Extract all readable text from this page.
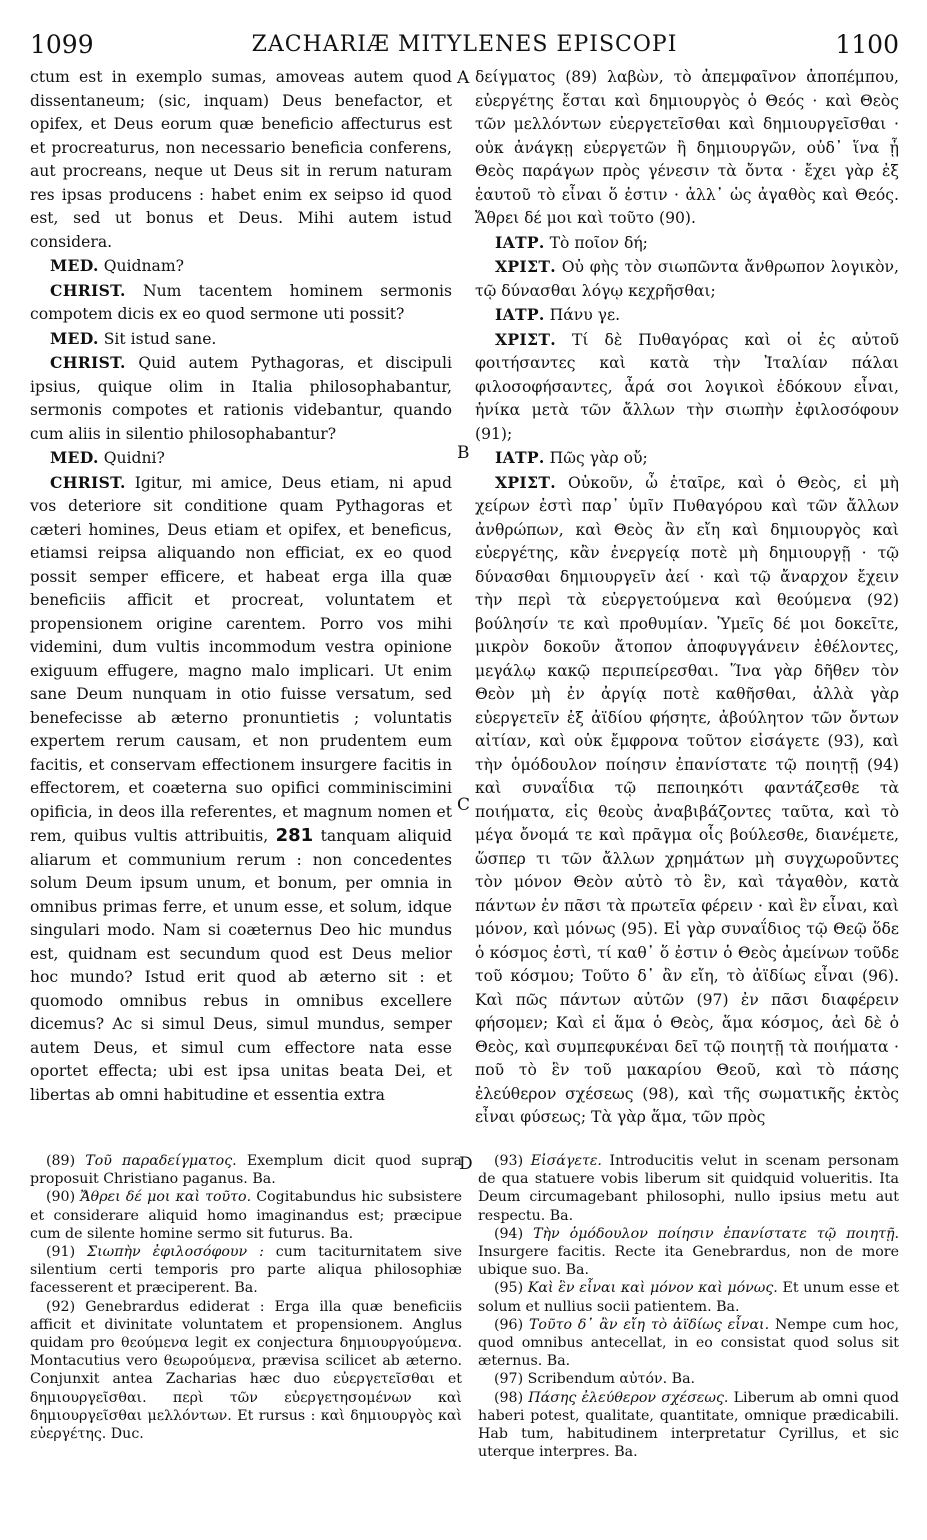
1099	ZACHARIÆ MITYLENES EPISCOPI	1100

ctum est in exemplo sumas, amoveas autem quod dissentaneum; (sic, inquam) Deus benefactor, et opifex, et Deus eorum quæ beneficio affecturus est et procreaturus, non necessario beneficia conferens, aut procreans, neque ut Deus sit in rerum naturam res ipsas producens : habet enim ex seipso id quod est, sed ut bonus et Deus. Mihi autem istud considera.

MED. Quidnam?

CHRIST. Num tacentem hominem sermonis compotem dicis ex eo quod sermone uti possit?

MED. Sit istud sane.

CHRIST. Quid autem Pythagoras, et discipuli ipsius, quique olim in Italia philosophabantur, sermonis compotes et rationis videbantur, quando cum aliis in silentio philosophabantur?

MED. Quidni?

CHRIST. Igitur, mi amice, Deus etiam, ni apud vos deteriore sit conditione quam Pythagoras et cæteri homines, Deus etiam et opifex, et beneficus, etiamsi reipsa aliquando non efficiat, ex eo quod possit semper efficere, et habeat erga illa quæ beneficiis afficit et procreat, voluntatem et propensionem origine carentem. Porro vos mihi videmini, dum vultis incommodum vestra opinione exiguum effugere, magno malo implicari. Ut enim sane Deum nunquam in otio fuisse versatum, sed benefecisse ab æterno pronuntietis ; voluntatis expertem rerum causam, et non prudentem eum facitis, et conservam effectionem insurgere facitis in effectorem, et coæterna suo opifici comminiscimini opificia, in deos illa referentes, et magnum nomen et rem, quibus vultis attribuitis, 281 tanquam aliquid aliarum et communium rerum : non concedentes solum Deum ipsum unum, et bonum, per omnia in omnibus primas ferre, et unum esse, et solum, idque singulari modo. Nam si coæternus Deo hic mundus est, quidnam est secundum quod est Deus melior hoc mundo? Istud erit quod ab æterno sit : et quomodo omnibus rebus in omnibus excellere dicemus? Ac si simul Deus, simul mundus, semper autem Deus, et simul cum effectore nata esse oportet effecta; ubi est ipsa unitas beata Dei, et libertas ab omni habitudine et essentia extra

A
B
C
D

δείγματος (89) λαβὼν, τὸ ἀπεμφαῖνον ἀποπέμπου, εὐεργέτης ἔσται καὶ δημιουργὸς ὁ Θεός · καὶ Θεὸς τῶν μελλόντων εὐεργετεῖσθαι καὶ δημιουργεῖσθαι · οὐκ ἀνάγκῃ εὐεργετῶν ἢ δημιουργῶν, οὐδ᾽ ἵνα ᾖ Θεὸς παράγων πρὸς γένεσιν τὰ ὄντα · ἔχει γὰρ ἐξ ἑαυτοῦ τὸ εἶναι ὅ ἐστιν · ἀλλ᾽ ὡς ἀγαθὸς καὶ Θεός. Ἄθρει δέ μοι καὶ τοῦτο (90).

ΙΑΤΡ. Τὸ ποῖον δή;

ΧΡΙΣΤ. Οὐ φὴς τὸν σιωπῶντα ἄνθρωπον λογικὸν, τῷ δύνασθαι λόγῳ κεχρῆσθαι;

ΙΑΤΡ. Πάνυ γε.

ΧΡΙΣΤ. Τί δὲ Πυθαγόρας καὶ οἱ ἐς αὐτοῦ φοιτήσαντες καὶ κατὰ τὴν Ἰταλίαν πάλαι φιλοσοφήσαντες, ἆρά σοι λογικοὶ ἐδόκουν εἶναι, ἡνίκα μετὰ τῶν ἄλλων τὴν σιωπὴν ἐφιλοσόφουν (91);

ΙΑΤΡ. Πῶς γὰρ οὔ;

ΧΡΙΣΤ. Οὐκοῦν, ὦ ἑταῖρε, καὶ ὁ Θεὸς, εἰ μὴ χείρων ἐστὶ παρ᾽ ὑμῖν Πυθαγόρου καὶ τῶν ἄλλων ἀνθρώπων, καὶ Θεὸς ἂν εἴη καὶ δημιουργὸς καὶ εὐεργέτης, κἂν ἐνεργείᾳ ποτὲ μὴ δημιουργῇ · τῷ δύνασθαι δημιουργεῖν ἀεί · καὶ τῷ ἄναρχον ἔχειν τὴν περὶ τὰ εὐεργετούμενα καὶ θεούμενα (92) βούλησίν τε καὶ προθυμίαν. Ὑμεῖς δέ μοι δοκεῖτε, μικρὸν δοκοῦν ἄτοπον ἀποφυγγάνειν ἐθέλοντες, μεγάλῳ κακῷ περιπείρεσθαι. Ἵνα γὰρ δῆθεν τὸν Θεὸν μὴ ἐν ἀργίᾳ ποτὲ καθῆσθαι, ἀλλὰ γὰρ εὐεργετεῖν ἐξ ἀϊδίου φήσητε, ἀβούλητον τῶν ὄντων αἰτίαν, καὶ οὐκ ἔμφρονα τοῦτον εἰσάγετε (93), καὶ τὴν ὁμόδουλον ποίησιν ἐπανίστατε τῷ ποιητῇ (94) καὶ συναΐδια τῷ πεποιηκότι φαντάζεσθε τὰ ποιήματα, εἰς θεοὺς ἀναβιβάζοντες ταῦτα, καὶ τὸ μέγα ὄνομά τε καὶ πρᾶγμα οἷς βούλεσθε, διανέμετε, ὥσπερ τι τῶν ἄλλων χρημάτων μὴ συγχωροῦντες τὸν μόνον Θεὸν αὐτὸ τὸ ἓν, καὶ τἀγαθὸν, κατὰ πάντων ἐν πᾶσι τὰ πρωτεῖα φέρειν · καὶ ἓν εἶναι, καὶ μόνον, καὶ μόνως (95). Εἰ γὰρ συναΐδιος τῷ Θεῷ ὅδε ὁ κόσμος ἐστὶ, τί καθ᾽ ὅ ἐστιν ὁ Θεὸς ἀμείνων τοῦδε τοῦ κόσμου; Τοῦτο δ᾽ ἂν εἴη, τὸ ἀϊδίως εἶναι (96). Καὶ πῶς πάντων αὐτῶν (97) ἐν πᾶσι διαφέρειν φήσομεν; Καὶ εἰ ἅμα ὁ Θεὸς, ἅμα κόσμος, ἀεὶ δὲ ὁ Θεὸς, καὶ συμπεφυκέναι δεῖ τῷ ποιητῇ τὰ ποιήματα · ποῦ τὸ ἓν τοῦ μακαρίου Θεοῦ, καὶ τὸ πάσης ἐλεύθερον σχέσεως (98), καὶ τῆς σωματικῆς ἐκτὸς εἶναι φύσεως; Τὰ γὰρ ἅμα, τῶν πρὸς

(89) Τοῦ παραδείγματος. Exemplum dicit quod supra proposuit Christiano paganus. Ba.

(90) Ἄθρει δέ μοι καὶ τοῦτο. Cogitabundus hic subsistere et considerare aliquid homo imaginandus est; præcipue cum de silente homine sermo sit futurus. Ba.

(91) Σιωπὴν ἐφιλοσόφουν : cum taciturnitatem sive silentium certi temporis pro parte aliqua philosophiæ facesserent et præciperent. Ba.

(92) Genebrardus ediderat : Erga illa quæ beneficiis afficit et divinitate voluntatem et propensionem. Anglus quidam pro θεούμενα legit ex conjectura δημιουργούμενα. Montacutius vero θεωρούμενα, prævisa scilicet ab æterno. Conjunxit antea Zacharias hæc duo εὐεργετεῖσθαι et δημιουργεῖσθαι. περὶ τῶν εὐεργετησομένων καὶ δημιουργεῖσθαι μελλόντων. Et rursus : καὶ δημιουργὸς καὶ εὐεργέτης. Duc.

(93) Εἰσάγετε. Introducitis velut in scenam personam de qua statuere vobis liberum sit quidquid volueritis. Ita Deum circumagebant philosophi, nullo ipsius metu aut respectu. Ba.

(94) Τὴν ὁμόδουλον ποίησιν ἐπανίστατε τῷ ποιητῇ. Insurgere facitis. Recte ita Genebrardus, non de more ubique suo. Ba.

(95) Καὶ ἓν εἶναι καὶ μόνον καὶ μόνως. Et unum esse et solum et nullius socii patientem. Ba.

(96) Τοῦτο δ᾽ ἂν εἴη τὸ ἀϊδίως εἶναι. Nempe cum hoc, quod omnibus antecellat, in eo consistat quod solus sit æternus. Ba.

(97) Scribendum αὐτόν. Ba.

(98) Πάσης ἐλεύθερον σχέσεως. Liberum ab omni quod haberi potest, qualitate, quantitate, omnique prædicabili. Hab tum, habitudinem interpretatur Cyrillus, et sic uterque interpres. Ba.
